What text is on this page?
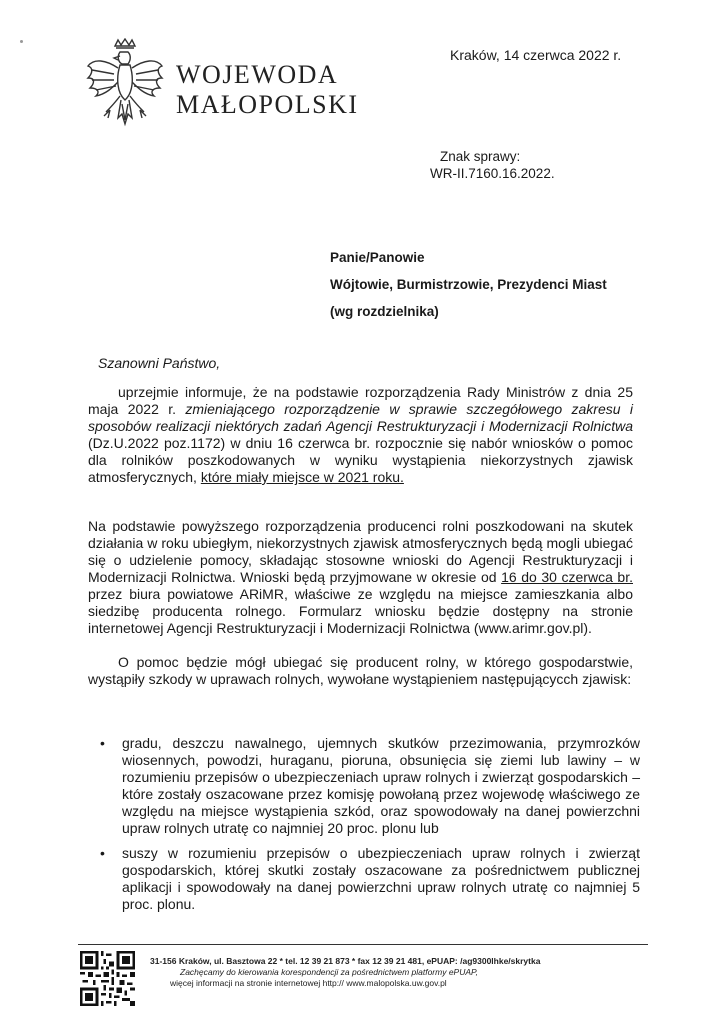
WOJEWODA
MAŁOPOLSKI
Kraków, 14 czerwca 2022 r.
Znak sprawy:
WR-II.7160.16.2022.
Panie/Panowie
Wójtowie, Burmistrzowie, Prezydenci Miast
(wg rozdzielnika)
Szanowni Państwo,
uprzejmie informuje, że na podstawie rozporządzenia Rady Ministrów z dnia 25 maja 2022 r. zmieniającego rozporządzenie w sprawie szczegółowego zakresu i sposobów realizacji niektórych zadań Agencji Restrukturyzacji i Modernizacji Rolnictwa (Dz.U.2022 poz.1172) w dniu 16 czerwca br. rozpocznie się nabór wniosków o pomoc dla rolników poszkodowanych w wyniku wystąpienia niekorzystnych zjawisk atmosferycznych, które miały miejsce w 2021 roku.
Na podstawie powyższego rozporządzenia producenci rolni poszkodowani na skutek działania w roku ubiegłym, niekorzystnych zjawisk atmosferycznych będą mogli ubiegać się o udzielenie pomocy, składając stosowne wnioski do Agencji Restrukturyzacji i Modernizacji Rolnictwa. Wnioski będą przyjmowane w okresie od 16 do 30 czerwca br. przez biura powiatowe ARiMR, właściwe ze względu na miejsce zamieszkania albo siedzibę producenta rolnego. Formularz wniosku będzie dostępny na stronie internetowej Agencji Restrukturyzacji i Modernizacji Rolnictwa (www.arimr.gov.pl).
O pomoc będzie mógł ubiegać się producent rolny, w którego gospodarstwie, wystąpiły szkody w uprawach rolnych, wywołane wystąpieniem następującycch zjawisk:
• gradu, deszczu nawalnego, ujemnych skutków przezimowania, przymrozków wiosennych, powodzi, huraganu, pioruna, obsunięcia się ziemi lub lawiny – w rozumieniu przepisów o ubezpieczeniach upraw rolnych i zwierząt gospodarskich – które zostały oszacowane przez komisję powołaną przez wojewodę właściwego ze względu na miejsce wystąpienia szkód, oraz spowodowały na danej powierzchni upraw rolnych utratę co najmniej 20 proc. plonu lub
• suszy w rozumieniu przepisów o ubezpieczeniach upraw rolnych i zwierząt gospodarskich, której skutki zostały oszacowane za pośrednictwem publicznej aplikacji i spowodowały na danej powierzchni upraw rolnych utratę co najmniej 5 proc. plonu.
31-156 Kraków, ul. Basztowa 22 * tel. 12 39 21 873 * fax 12 39 21 481, ePUAP: /ag9300lhke/skrytka
Zachęcamy do kierowania korespondencji za pośrednictwem platformy ePUAP,
więcej informacji na stronie internetowej http:// www.malopolska.uw.gov.pl
